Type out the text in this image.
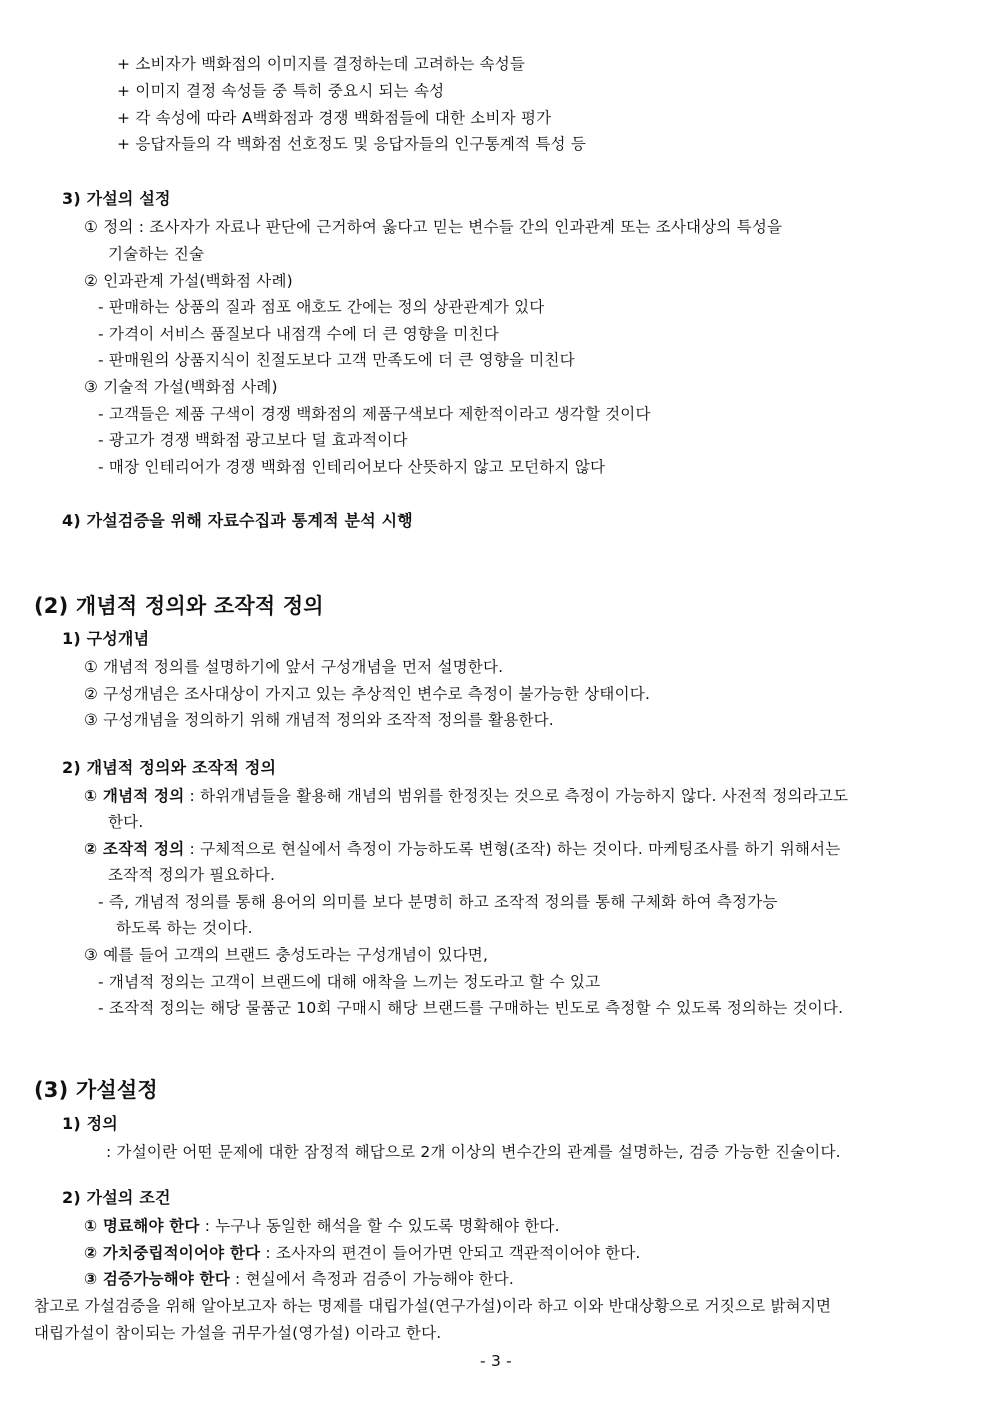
+ 소비자가 백화점의 이미지를 결정하는데 고려하는 속성들
+ 이미지 결정 속성들 중 특히 중요시 되는 속성
+ 각 속성에 따라 A백화점과 경쟁 백화점들에 대한 소비자 평가
+ 응답자들의 각 백화점 선호정도 및 응답자들의 인구통계적 특성 등
3) 가설의 설정
① 정의 : 조사자가 자료나 판단에 근거하여 옳다고 믿는 변수들 간의 인과관계 또는 조사대상의 특성을
기술하는 진술
② 인과관계 가설(백화점 사례)
- 판매하는 상품의 질과 점포 애호도 간에는 정의 상관관계가 있다
- 가격이 서비스 품질보다 내점객 수에 더 큰 영향을 미친다
- 판매원의 상품지식이 친절도보다 고객 만족도에 더 큰 영향을 미친다
③ 기술적 가설(백화점 사례)
- 고객들은 제품 구색이 경쟁 백화점의 제품구색보다 제한적이라고 생각할 것이다
- 광고가 경쟁 백화점 광고보다 덜 효과적이다
- 매장 인테리어가 경쟁 백화점 인테리어보다 산뜻하지 않고 모던하지 않다
4) 가설검증을 위해 자료수집과 통계적 분석 시행
(2) 개념적 정의와 조작적 정의
1) 구성개념
① 개념적 정의를 설명하기에 앞서 구성개념을 먼저 설명한다.
② 구성개념은 조사대상이 가지고 있는 추상적인 변수로 측정이 불가능한 상태이다.
③ 구성개념을 정의하기 위해 개념적 정의와 조작적 정의를 활용한다.
2) 개념적 정의와 조작적 정의
① 개념적 정의 : 하위개념들을 활용해 개념의 범위를 한정짓는 것으로 측정이 가능하지 않다. 사전적 정의라고도
한다.
② 조작적 정의 : 구체적으로 현실에서 측정이 가능하도록 변형(조작) 하는 것이다. 마케팅조사를 하기 위해서는
조작적 정의가 필요하다.
- 즉, 개념적 정의를 통해 용어의 의미를 보다 분명히 하고 조작적 정의를 통해 구체화 하여 측정가능
하도록 하는 것이다.
③ 예를 들어 고객의 브랜드 충성도라는 구성개념이 있다면,
- 개념적 정의는 고객이 브랜드에 대해 애착을 느끼는 정도라고 할 수 있고
- 조작적 정의는 해당 물품군 10회 구매시 해당 브랜드를 구매하는 빈도로 측정할 수 있도록 정의하는 것이다.
(3) 가설설정
1) 정의
: 가설이란 어떤 문제에 대한 잠정적 해답으로 2개 이상의 변수간의 관계를 설명하는, 검증 가능한 진술이다.
2) 가설의 조건
① 명료해야 한다 : 누구나 동일한 해석을 할 수 있도록 명확해야 한다.
② 가치중립적이어야 한다 : 조사자의 편견이 들어가면 안되고 객관적이어야 한다.
③ 검증가능해야 한다 : 현실에서 측정과 검증이 가능해야 한다.
참고로 가설검증을 위해 알아보고자 하는 명제를 대립가설(연구가설)이라 하고 이와 반대상황으로 거짓으로 밝혀지면
대립가설이 참이되는 가설을 귀무가설(영가설) 이라고 한다.
- 3 -
